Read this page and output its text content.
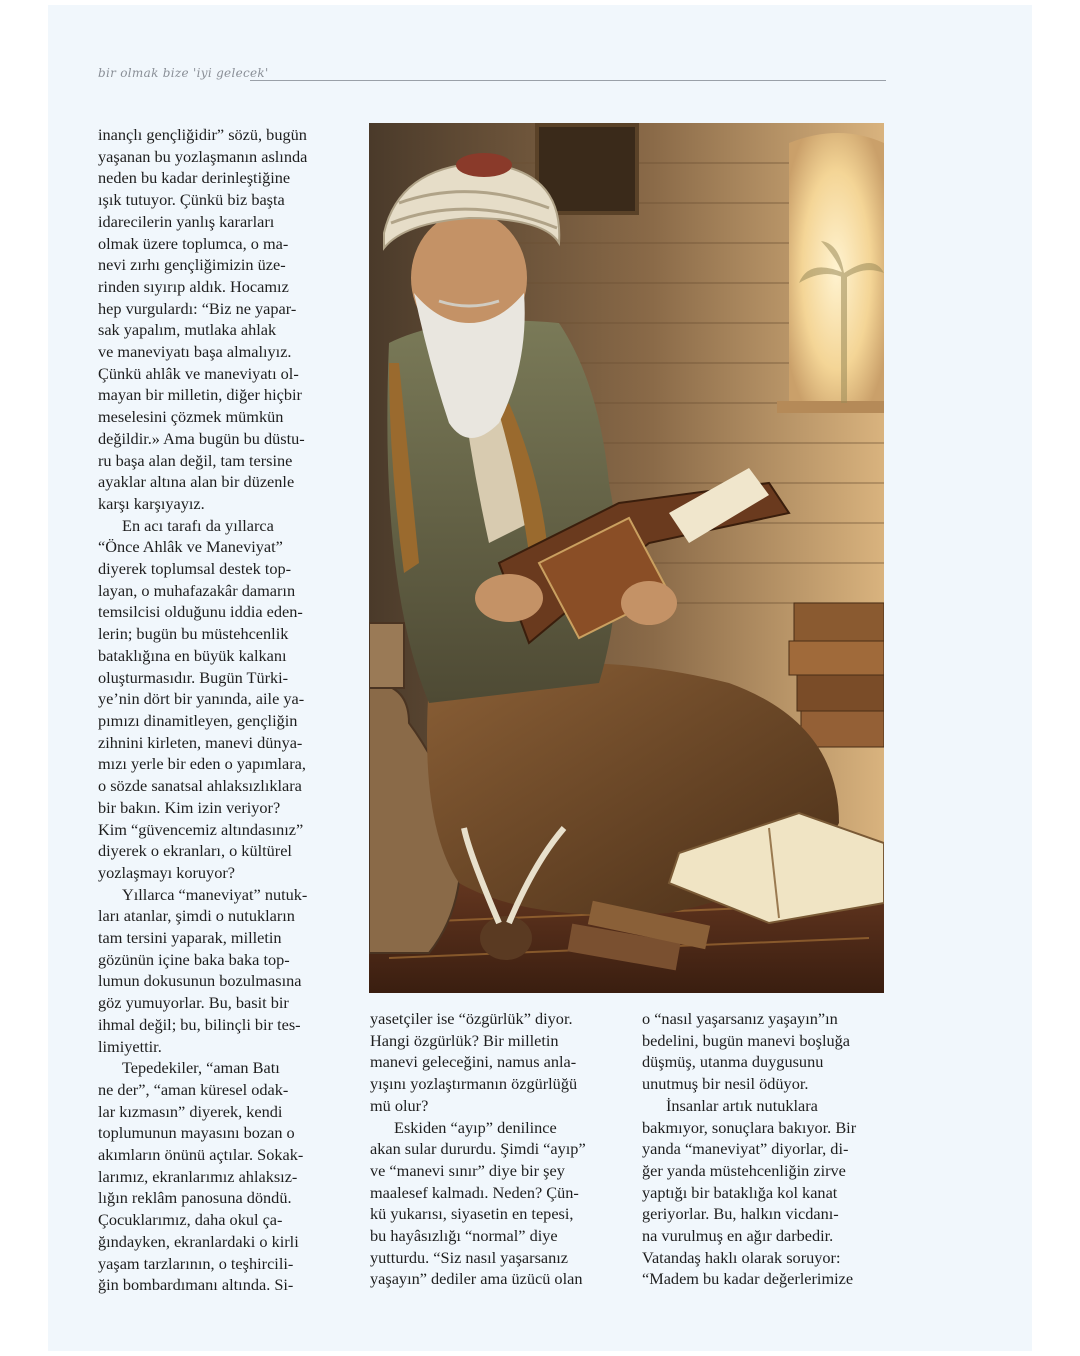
bir olmak bize 'iyi gelecek'

inançlı gençliğidir” sözü, bugün
yaşanan bu yozlaşmanın aslında
neden bu kadar derinleştiğine
ışık tutuyor. Çünkü biz başta
idarecilerin yanlış kararları
olmak üzere toplumca, o ma-
nevi zırhı gençliğimizin üze-
rinden sıyırıp aldık. Hocamız
hep vurgulardı: “Biz ne yapar-
sak yapalım, mutlaka ahlak
ve maneviyatı başa almalıyız.
Çünkü ahlâk ve maneviyatı ol-
mayan bir milletin, diğer hiçbir
meselesini çözmek mümkün
değildir.» Ama bugün bu düstu-
ru başa alan değil, tam tersine
ayaklar altına alan bir düzenle
karşı karşıyayız.

En acı tarafı da yıllarca
“Önce Ahlâk ve Maneviyat”
diyerek toplumsal destek top-
layan, o muhafazakâr damarın
temsilcisi olduğunu iddia eden-
lerin; bugün bu müstehcenlik
bataklığına en büyük kalkanı
oluşturmasıdır. Bugün Türki-
ye’nin dört bir yanında, aile ya-
pımızı dinamitleyen, gençliğin
zihnini kirleten, manevi dünya-
mızı yerle bir eden o yapımlara,
o sözde sanatsal ahlaksızlıklara
bir bakın. Kim izin veriyor?
Kim “güvencemiz altındasınız”
diyerek o ekranları, o kültürel
yozlaşmayı koruyor?

Yıllarca “maneviyat” nutuk-
ları atanlar, şimdi o nutukların
tam tersini yaparak, milletin
gözünün içine baka baka top-
lumun dokusunun bozulmasına
göz yumuyorlar. Bu, basit bir
ihmal değil; bu, bilinçli bir tes-
limiyettir.

Tepedekiler, “aman Batı
ne der”, “aman küresel odak-
lar kızmasın” diyerek, kendi
toplumunun mayasını bozan o
akımların önünü açtılar. Sokak-
larımız, ekranlarımız ahlaksız-
lığın reklâm panosuna döndü.
Çocuklarımız, daha okul ça-
ğındayken, ekranlardaki o kirli
yaşam tarzlarının, o teşhircili-
ğin bombardımanı altında. Si-

yasetçiler ise “özgürlük” diyor.
Hangi özgürlük? Bir milletin
manevi geleceğini, namus anla-
yışını yozlaştırmanın özgürlüğü
mü olur?

Eskiden “ayıp” denilince
akan sular dururdu. Şimdi “ayıp”
ve “manevi sınır” diye bir şey
maalesef kalmadı. Neden? Çün-
kü yukarısı, siyasetin en tepesi,
bu hayâsızlığı “normal” diye
yutturdu. “Siz nasıl yaşarsanız
yaşayın” dediler ama üzücü olan

o “nasıl yaşarsanız yaşayın”ın
bedelini, bugün manevi boşluğa
düşmüş, utanma duygusunu
unutmuş bir nesil ödüyor.

İnsanlar artık nutuklara
bakmıyor, sonuçlara bakıyor. Bir
yanda “maneviyat” diyorlar, di-
ğer yanda müstehcenliğin zirve
yaptığı bir bataklığa kol kanat
geriyorlar. Bu, halkın vicdanı-
na vurulmuş en ağır darbedir.
Vatandaş haklı olarak soruyor:
“Madem bu kadar değerlerimize
